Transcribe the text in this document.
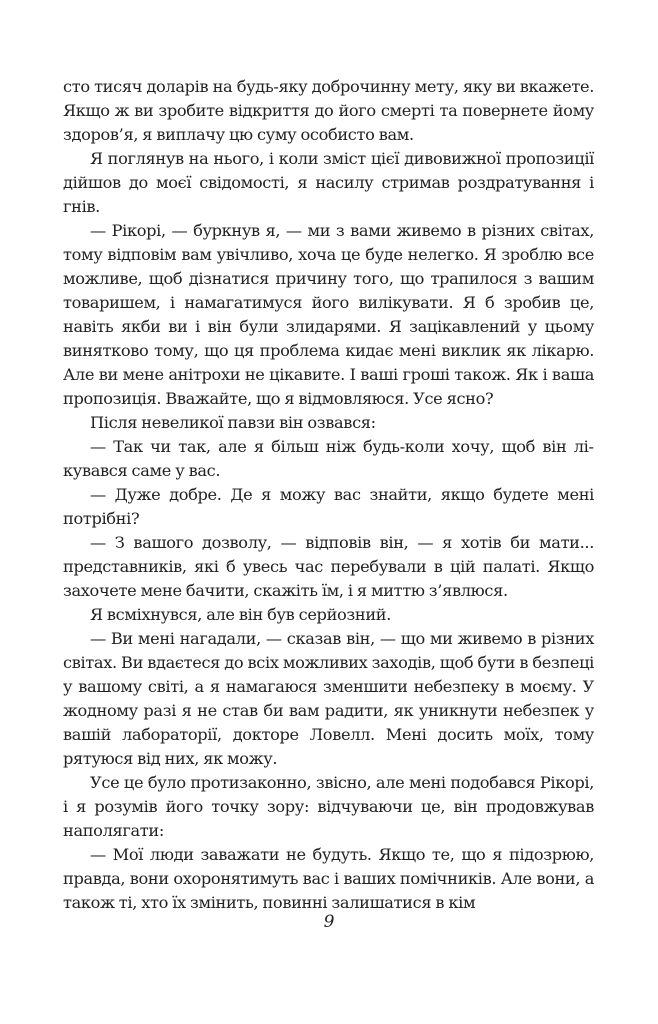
сто тисяч доларів на будь-яку доброчинну мету, яку ви вкажете. Якщо ж ви зробите відкриття до його смерті та повернете йому здоров’я, я виплачу цю суму особисто вам.

Я поглянув на нього, і коли зміст цієї дивовижної пропозиції дійшов до моєї свідомості, я насилу стримав роздратування і гнів.

— Рікорі, — буркнув я, — ми з вами живемо в різних світах, тому відповім вам увічливо, хоча це буде нелегко. Я зроблю все можливе, щоб дізнатися причину того, що трапилося з вашим товаришем, і намагатимуся його вилікувати. Я б зробив це, навіть якби ви і він були злидарями. Я зацікавлений у цьому винятково тому, що ця проблема кидає мені виклик як лікарю. Але ви мене анітрохи не цікавите. І ваші гроші також. Як і ваша пропозиція. Вважайте, що я відмовляюся. Усе ясно?

Після невеликої павзи він озвався:

— Так чи так, але я більш ніж будь-коли хочу, щоб він лікувався саме у вас.

— Дуже добре. Де я можу вас знайти, якщо будете мені потрібні?

— З вашого дозволу, — відповів він, — я хотів би мати... представників, які б увесь час перебували в цій палаті. Якщо захочете мене бачити, скажіть їм, і я миттю з’явлюся.

Я всміхнувся, але він був серйозний.

— Ви мені нагадали, — сказав він, — що ми живемо в різних світах. Ви вдаєтеся до всіх можливих заходів, щоб бути в безпеці у вашому світі, а я намагаюся зменшити небезпеку в моєму. У жодному разі я не став би вам радити, як уникнути небезпек у вашій лабораторії, докторе Ловелл. Мені досить моїх, тому рятуюся від них, як можу.

Усе це було протизаконно, звісно, але мені подобався Рікорі, і я розумів його точку зору: відчуваючи це, він продовжував наполягати:

— Мої люди заважати не будуть. Якщо те, що я підозрюю, правда, вони охоронятимуть вас і ваших помічників. Але вони, а також ті, хто їх змінить, повинні залишатися в кім

9
